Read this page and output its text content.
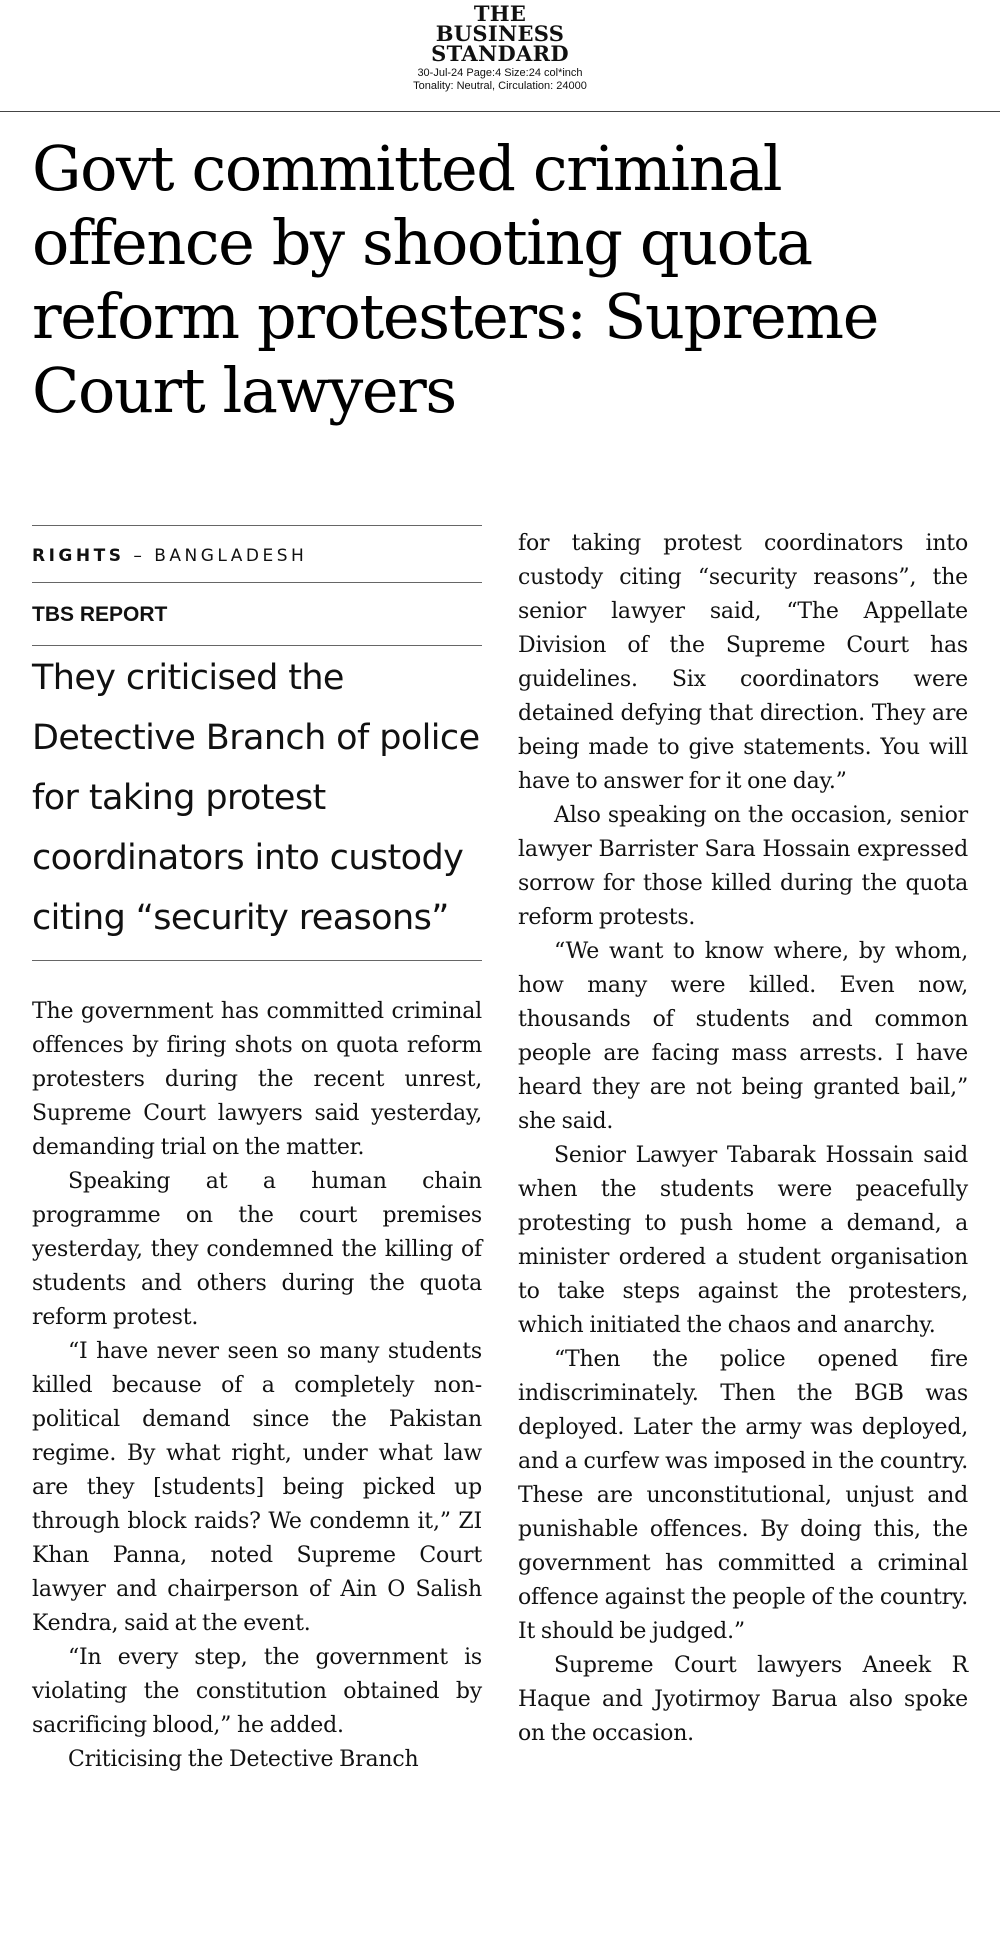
THE
BUSINESS
STANDARD
30-Jul-24 Page:4 Size:24 col*inch
Tonality: Neutral, Circulation: 24000
Govt committed criminal offence by shooting quota reform protesters: Supreme Court lawyers
RIGHTS – BANGLADESH
TBS REPORT
They criticised the Detective Branch of police for taking protest coordinators into custody citing “security reasons”

The government has committed criminal offences by firing shots on quota reform protesters during the recent unrest, Supreme Court lawyers said yesterday, demanding trial on the matter.

Speaking at a human chain programme on the court premises yesterday, they condemned the killing of students and others during the quota reform protest.

“I have never seen so many students killed because of a completely non-political demand since the Pakistan regime. By what right, under what law are they [students] being picked up through block raids? We condemn it,” ZI Khan Panna, noted Supreme Court lawyer and chairperson of Ain O Salish Kendra, said at the event.

“In every step, the government is violating the constitution obtained by sacrificing blood,” he added.

Criticising the Detective Branch

for taking protest coordinators into custody citing “security reasons”, the senior lawyer said, “The Appellate Division of the Supreme Court has guidelines. Six coordinators were detained defying that direction. They are being made to give statements. You will have to answer for it one day.”

Also speaking on the occasion, senior lawyer Barrister Sara Hossain expressed sorrow for those killed during the quota reform protests.

“We want to know where, by whom, how many were killed. Even now, thousands of students and common people are facing mass arrests. I have heard they are not being granted bail,” she said.

Senior Lawyer Tabarak Hossain said when the students were peacefully protesting to push home a demand, a minister ordered a student organisation to take steps against the protesters, which initiated the chaos and anarchy.

“Then the police opened fire indiscriminately. Then the BGB was deployed. Later the army was deployed, and a curfew was imposed in the country. These are unconstitutional, unjust and punishable offences. By doing this, the government has committed a criminal offence against the people of the country. It should be judged.”

Supreme Court lawyers Aneek R Haque and Jyotirmoy Barua also spoke on the occasion.
